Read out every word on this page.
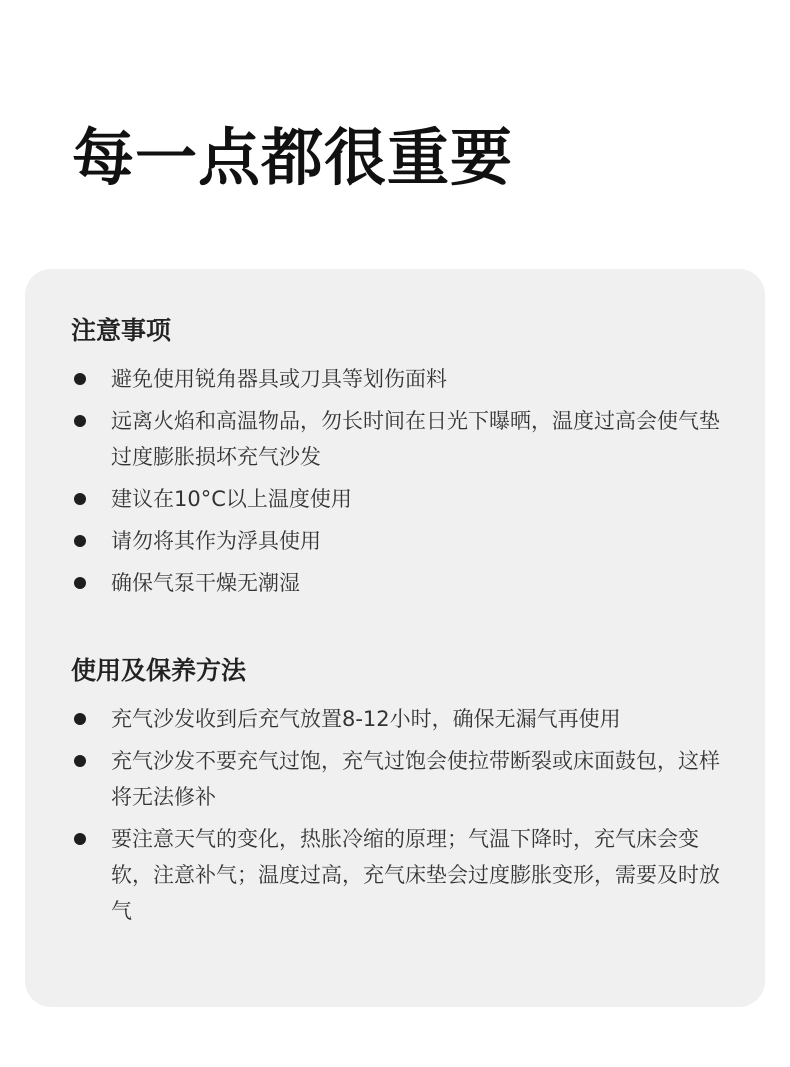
每一点都很重要
注意事项
避免使用锐角器具或刀具等划伤面料
远离火焰和高温物品，勿长时间在日光下曝晒，温度过高会使气垫过度膨胀损坏充气沙发
建议在10°C以上温度使用
请勿将其作为浮具使用
确保气泵干燥无潮湿
使用及保养方法
充气沙发收到后充气放置8-12小时，确保无漏气再使用
充气沙发不要充气过饱，充气过饱会使拉带断裂或床面鼓包，这样将无法修补
要注意天气的变化，热胀冷缩的原理；气温下降时，充气床会变软，注意补气；温度过高，充气床垫会过度膨胀变形，需要及时放气
